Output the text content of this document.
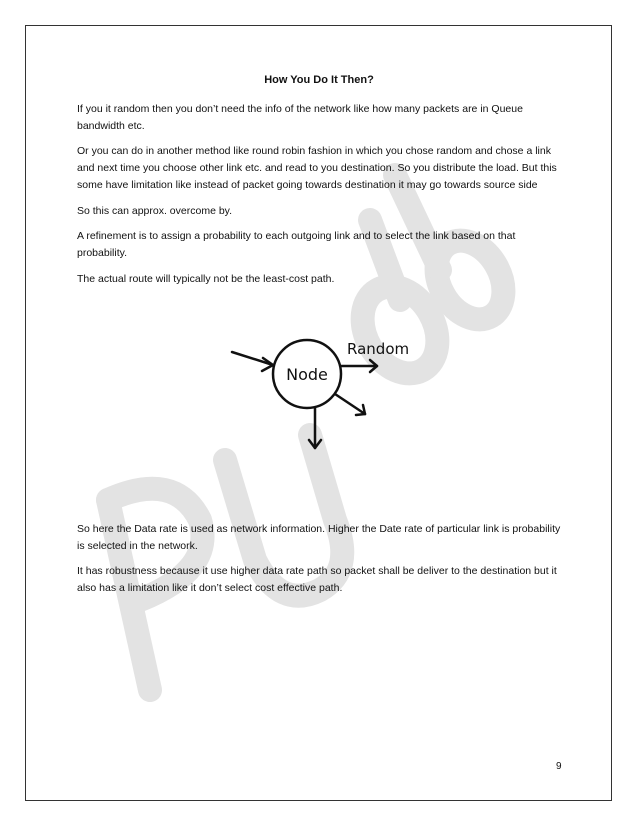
How You Do It Then?

If you it random then you don’t need the info of the network like how many packets are in Queue bandwidth etc.

Or you can do in another method like round robin fashion in which you chose random and chose a link and next time you choose other link etc. and read to you destination. So you distribute the load. But this some have limitation like instead of packet going towards destination it may go towards source side

So this can approx. overcome by.

A refinement is to assign a probability to each outgoing link and to select the link based on that probability.

The actual route will typically not be the least-cost path.

Node
Random

So here the Data rate is used as network information. Higher the Date rate of particular link is probability is selected in the network.

It has robustness because it use higher data rate path so packet shall be deliver to the destination but it also has a limitation like it don’t select cost effective path.

9
